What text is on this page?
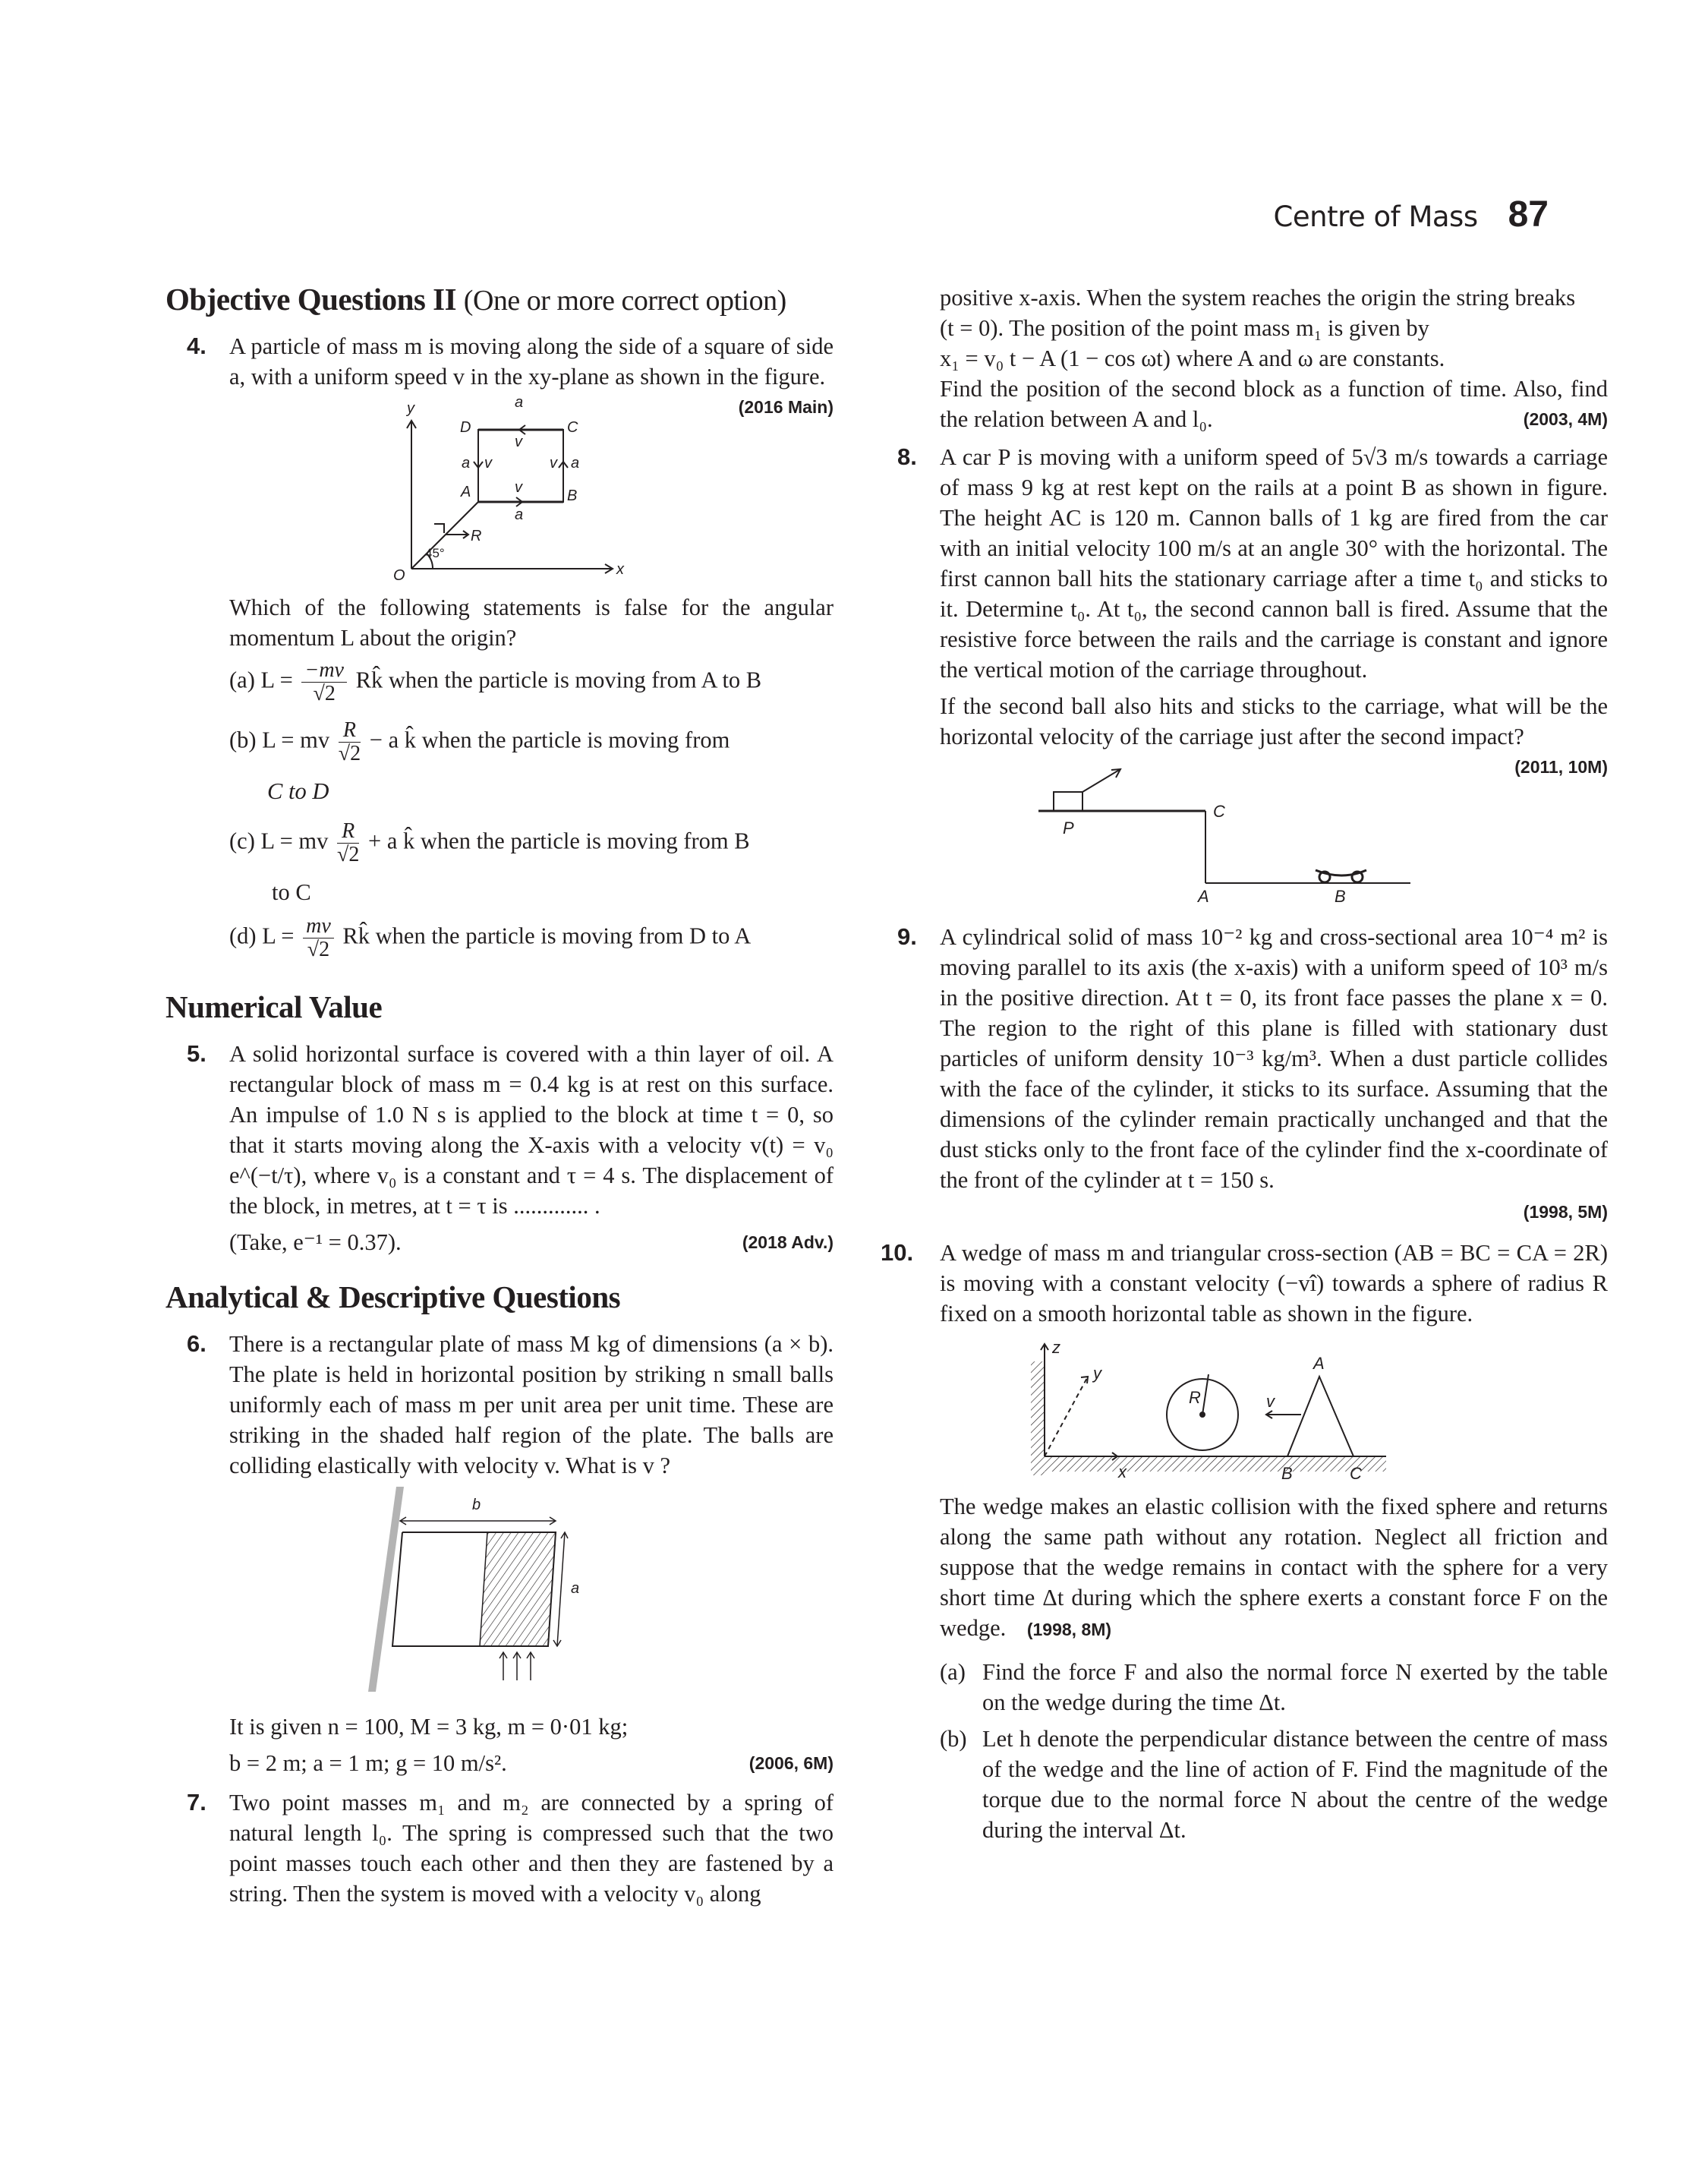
Centre of Mass 87
Objective Questions II (One or more correct option)
4. A particle of mass m is moving along the side of a square of side a, with a uniform speed v in the xy-plane as shown in the figure.
(2016 Main)

y
x
O
A	B
C
D
R
a
a
a	a
v
v
v	v
45°

Which of the following statements is false for the angular momentum L about the origin?

(a) $L = \frac{-mv}{√2}$ Rk̂ when the particle is moving from A to B
(b) L = mv $\frac{R}{√2} - a$ k̂ when the particle is moving from
C to D
(c) L = mv $\frac{R}{√2} + a$ k̂ when the particle is moving from B
to C
(d) $L = \frac{mv}{√2}$ Rk̂ when the particle is moving from D to A
Numerical Value
5. A solid horizontal surface is covered with a thin layer of oil. A rectangular block of mass m = 0.4 kg is at rest on this surface. An impulse of 1.0 N s is applied to the block at time t = 0, so that it starts moving along the X-axis with a velocity v(t) = v₀ e^(−t/τ), where v₀ is a constant and τ = 4 s. The displacement of the block, in metres, at t = τ is ............. .

(Take, e⁻¹ = 0.37).	(2018 Adv.)

Analytical & Descriptive Questions
6. There is a rectangular plate of mass M kg of dimensions (a × b). The plate is held in horizontal position by striking n small balls uniformly each of mass m per unit area per unit time. These are striking in the shaded half region of the plate. The balls are colliding elastically with velocity v. What is v ?

b
a

It is given n = 100, M = 3 kg, m = 0·01 kg;

b = 2 m; a = 1 m; g = 10 m/s².	(2006, 6M)

7. Two point masses m₁ and m₂ are connected by a spring of natural length l₀. The spring is compressed such that the two point masses touch each other and then they are fastened by a string. Then the system is moved with a velocity v₀ along

positive x-axis. When the system reaches the origin the string breaks

(t = 0). The position of the point mass m₁ is given by

x₁ = v₀ t − A (1 − cos ωt) where A and ω are constants.

Find the position of the second block as a function of time. Also, find the relation between A and l₀.	(2003, 4M)

8. A car P is moving with a uniform speed of 5√3 m/s towards a carriage of mass 9 kg at rest kept on the rails at a point B as shown in figure. The height AC is 120 m. Cannon balls of 1 kg are fired from the car with an initial velocity 100 m/s at an angle 30° with the horizontal. The first cannon ball hits the stationary carriage after a time t₀ and sticks to it. Determine t₀. At t₀, the second cannon ball is fired. Assume that the resistive force between the rails and the carriage is constant and ignore the vertical motion of the carriage throughout.

If the second ball also hits and sticks to the carriage, what will be the horizontal velocity of the carriage just after the second impact?
(2011, 10M)

P
C
A	B
9. A cylindrical solid of mass 10⁻² kg and cross-sectional area 10⁻⁴ m² is moving parallel to its axis (the x-axis) with a uniform speed of 10³ m/s in the positive direction. At t = 0, its front face passes the plane x = 0. The region to the right of this plane is filled with stationary dust particles of uniform density 10⁻³ kg/m³. When a dust particle collides with the face of the cylinder, it sticks to its surface. Assuming that the dimensions of the cylinder remain practically unchanged and that the dust sticks only to the front face of the cylinder find the x-coordinate of the front of the cylinder at t = 150 s.

(1998, 5M)

10. A wedge of mass m and triangular cross-section (AB = BC = CA = 2R) is moving with a constant velocity (−vî) towards a sphere of radius R fixed on a smooth horizontal table as shown in the figure.

z
y
x
R	v
A
B	C

The wedge makes an elastic collision with the fixed sphere and returns along the same path without any rotation. Neglect all friction and suppose that the wedge remains in contact with the sphere for a very short time Δt during which the sphere exerts a constant force F on the wedge. (1998, 8M)

(a) Find the force F and also the normal force N exerted by the table on the wedge during the time Δt.
(b) Let h denote the perpendicular distance between the centre of mass of the wedge and the line of action of F. Find the magnitude of the torque due to the normal force N about the centre of the wedge during the interval Δt.
